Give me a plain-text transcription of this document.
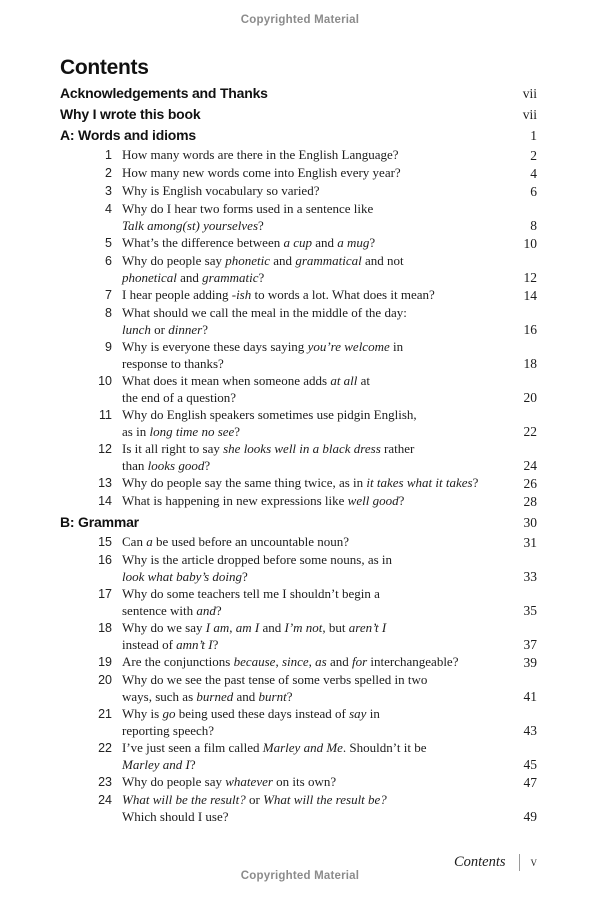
Copyrighted Material
Contents
Acknowledgements and Thanks	vii
Why I wrote this book	vii
A: Words and idioms	1
1 How many words are there in the English Language?	2
2 How many new words come into English every year?	4
3 Why is English vocabulary so varied?	6
4 Why do I hear two forms used in a sentence like
Talk among(st) yourselves?	8
5 What’s the difference between a cup and a mug?	10
6 Why do people say phonetic and grammatical and not
phonetical and grammatic?	12
7 I hear people adding -ish to words a lot. What does it mean?	14
8 What should we call the meal in the middle of the day:
lunch or dinner?	16
9 Why is everyone these days saying you’re welcome in
response to thanks?	18
10 What does it mean when someone adds at all at
the end of a question?	20
11 Why do English speakers sometimes use pidgin English,
as in long time no see?	22
12 Is it all right to say she looks well in a black dress rather
than looks good?	24
13 Why do people say the same thing twice, as in it takes what it takes?	26
14 What is happening in new expressions like well good?	28
B: Grammar	30
15 Can a be used before an uncountable noun?	31
16 Why is the article dropped before some nouns, as in
look what baby’s doing?	33
17 Why do some teachers tell me I shouldn’t begin a
sentence with and?	35
18 Why do we say I am, am I and I’m not, but aren’t I
instead of amn’t I?	37
19 Are the conjunctions because, since, as and for interchangeable?	39
20 Why do we see the past tense of some verbs spelled in two
ways, such as burned and burnt?	41
21 Why is go being used these days instead of say in
reporting speech?	43
22 I’ve just seen a film called Marley and Me. Shouldn’t it be
Marley and I?	45
23 Why do people say whatever on its own?	47
24 What will be the result? or What will the result be?
Which should I use?	49
Contents v
Copyrighted Material
